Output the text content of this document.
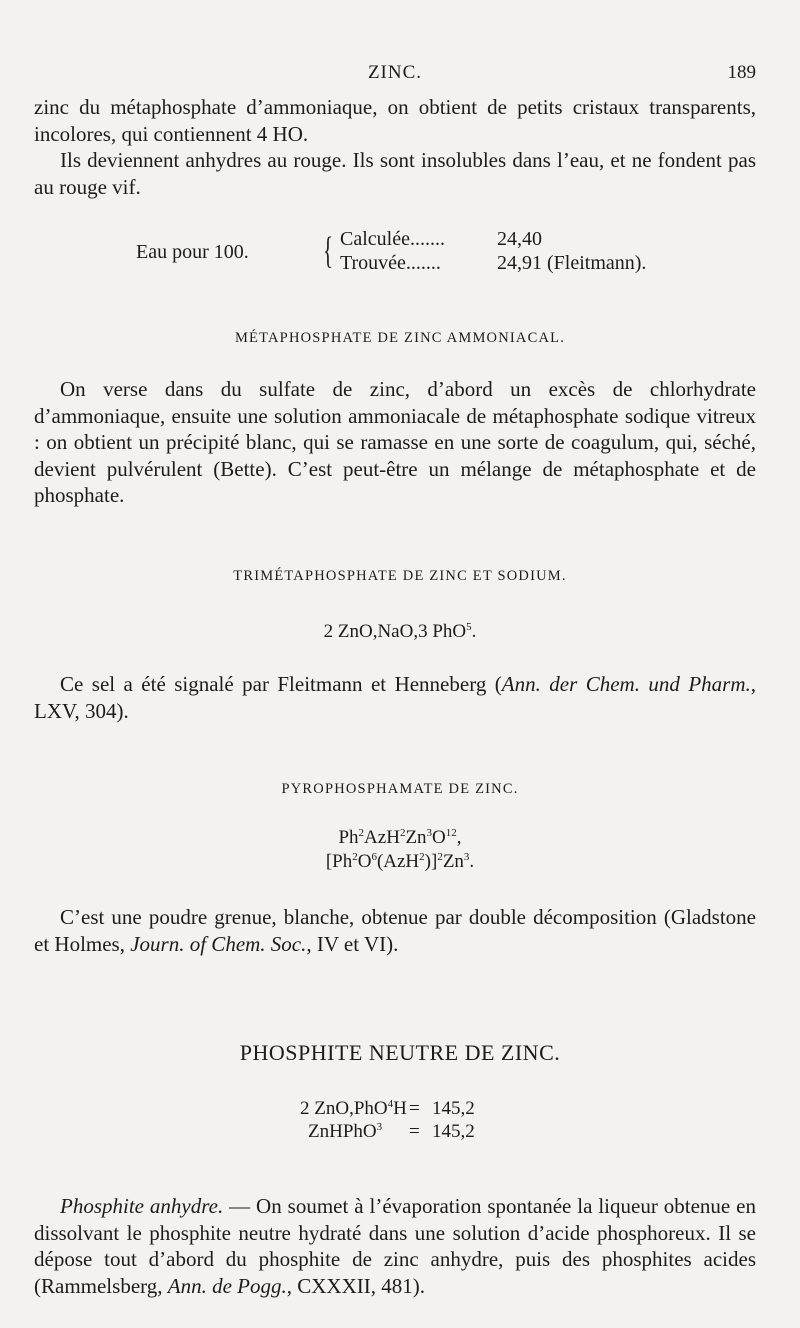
ZINC.	189
zinc du métaphosphate d’ammoniaque, on obtient de petits cristaux transparents, incolores, qui contiennent 4 HO.
Ils deviennent anhydres au rouge. Ils sont insolubles dans l’eau, et ne fondent pas au rouge vif.
Eau pour 100. { Calculée.......	24,40
Trouvée.......	24,91 (Fleitmann).
MÉTAPHOSPHATE DE ZINC AMMONIACAL.
On verse dans du sulfate de zinc, d’abord un excès de chlorhydrate d’ammoniaque, ensuite une solution ammoniacale de métaphosphate sodique vitreux : on obtient un précipité blanc, qui se ramasse en une sorte de coagulum, qui, séché, devient pulvérulent (Bette). C’est peut-être un mélange de métaphosphate et de phosphate.
TRIMÉTAPHOSPHATE DE ZINC ET SODIUM.
2 ZnO,NaO,3 PhO$^5$.
Ce sel a été signalé par Fleitmann et Henneberg (Ann. der Chem. und Pharm., LXV, 304).
PYROPHOSPHAMATE DE ZINC.
$Ph^2AzH^2Zn^3O^{12}$,
$[Ph^2O^6(AzH^2)]^2Zn^3$.
C’est une poudre grenue, blanche, obtenue par double décomposition (Gladstone et Holmes, Journ. of Chem. Soc., IV et VI).
PHOSPHITE NEUTRE DE ZINC.
2 ZnO,PhO$^4$H = 145,2
ZnHPhO$^3$ = 145,2
Phosphite anhydre. — On soumet à l’évaporation spontanée la liqueur obtenue en dissolvant le phosphite neutre hydraté dans une solution d’acide phosphoreux. Il se dépose tout d’abord du phosphite de zinc anhydre, puis des phosphites acides (Rammelsberg, Ann. de Pogg., CXXXII, 481).
